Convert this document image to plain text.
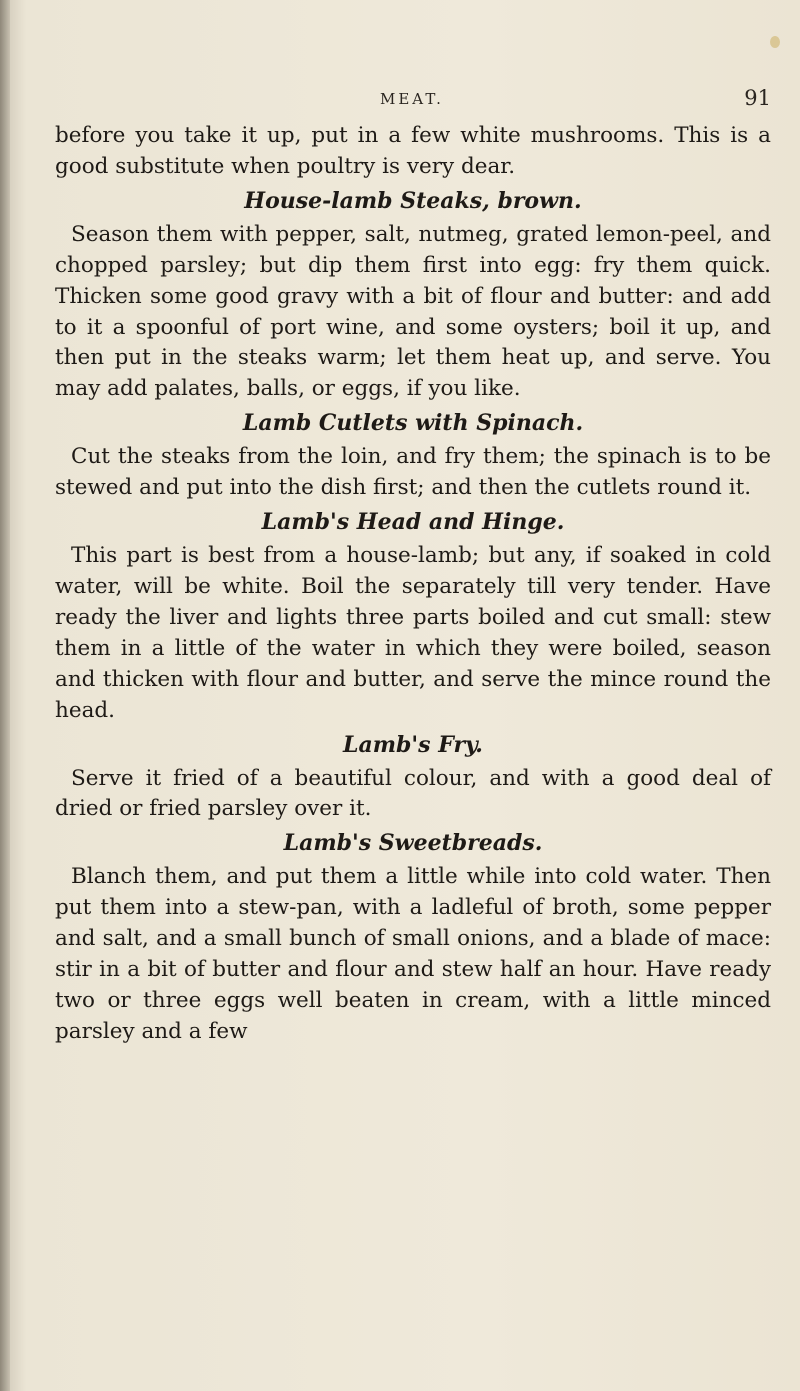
MEAT.	91

before you take it up, put in a few white mushrooms. This is a good substitute when poultry is very dear.

House-lamb Steaks, brown.

Season them with pepper, salt, nutmeg, grated lemon-peel, and chopped parsley; but dip them first into egg: fry them quick. Thicken some good gravy with a bit of flour and butter: and add to it a spoonful of port wine, and some oysters; boil it up, and then put in the steaks warm; let them heat up, and serve. You may add palates, balls, or eggs, if you like.

Lamb Cutlets with Spinach.

Cut the steaks from the loin, and fry them; the spinach is to be stewed and put into the dish first; and then the cutlets round it.

Lamb's Head and Hinge.

This part is best from a house-lamb; but any, if soaked in cold water, will be white. Boil the separately till very tender. Have ready the liver and lights three parts boiled and cut small: stew them in a little of the water in which they were boiled, season and thicken with flour and butter, and serve the mince round the head.

Lamb's Fry.

Serve it fried of a beautiful colour, and with a good deal of dried or fried parsley over it.

Lamb's Sweetbreads.

Blanch them, and put them a little while into cold water. Then put them into a stew-pan, with a ladleful of broth, some pepper and salt, and a small bunch of small onions, and a blade of mace: stir in a bit of butter and flour and stew half an hour. Have ready two or three eggs well beaten in cream, with a little minced parsley and a few
